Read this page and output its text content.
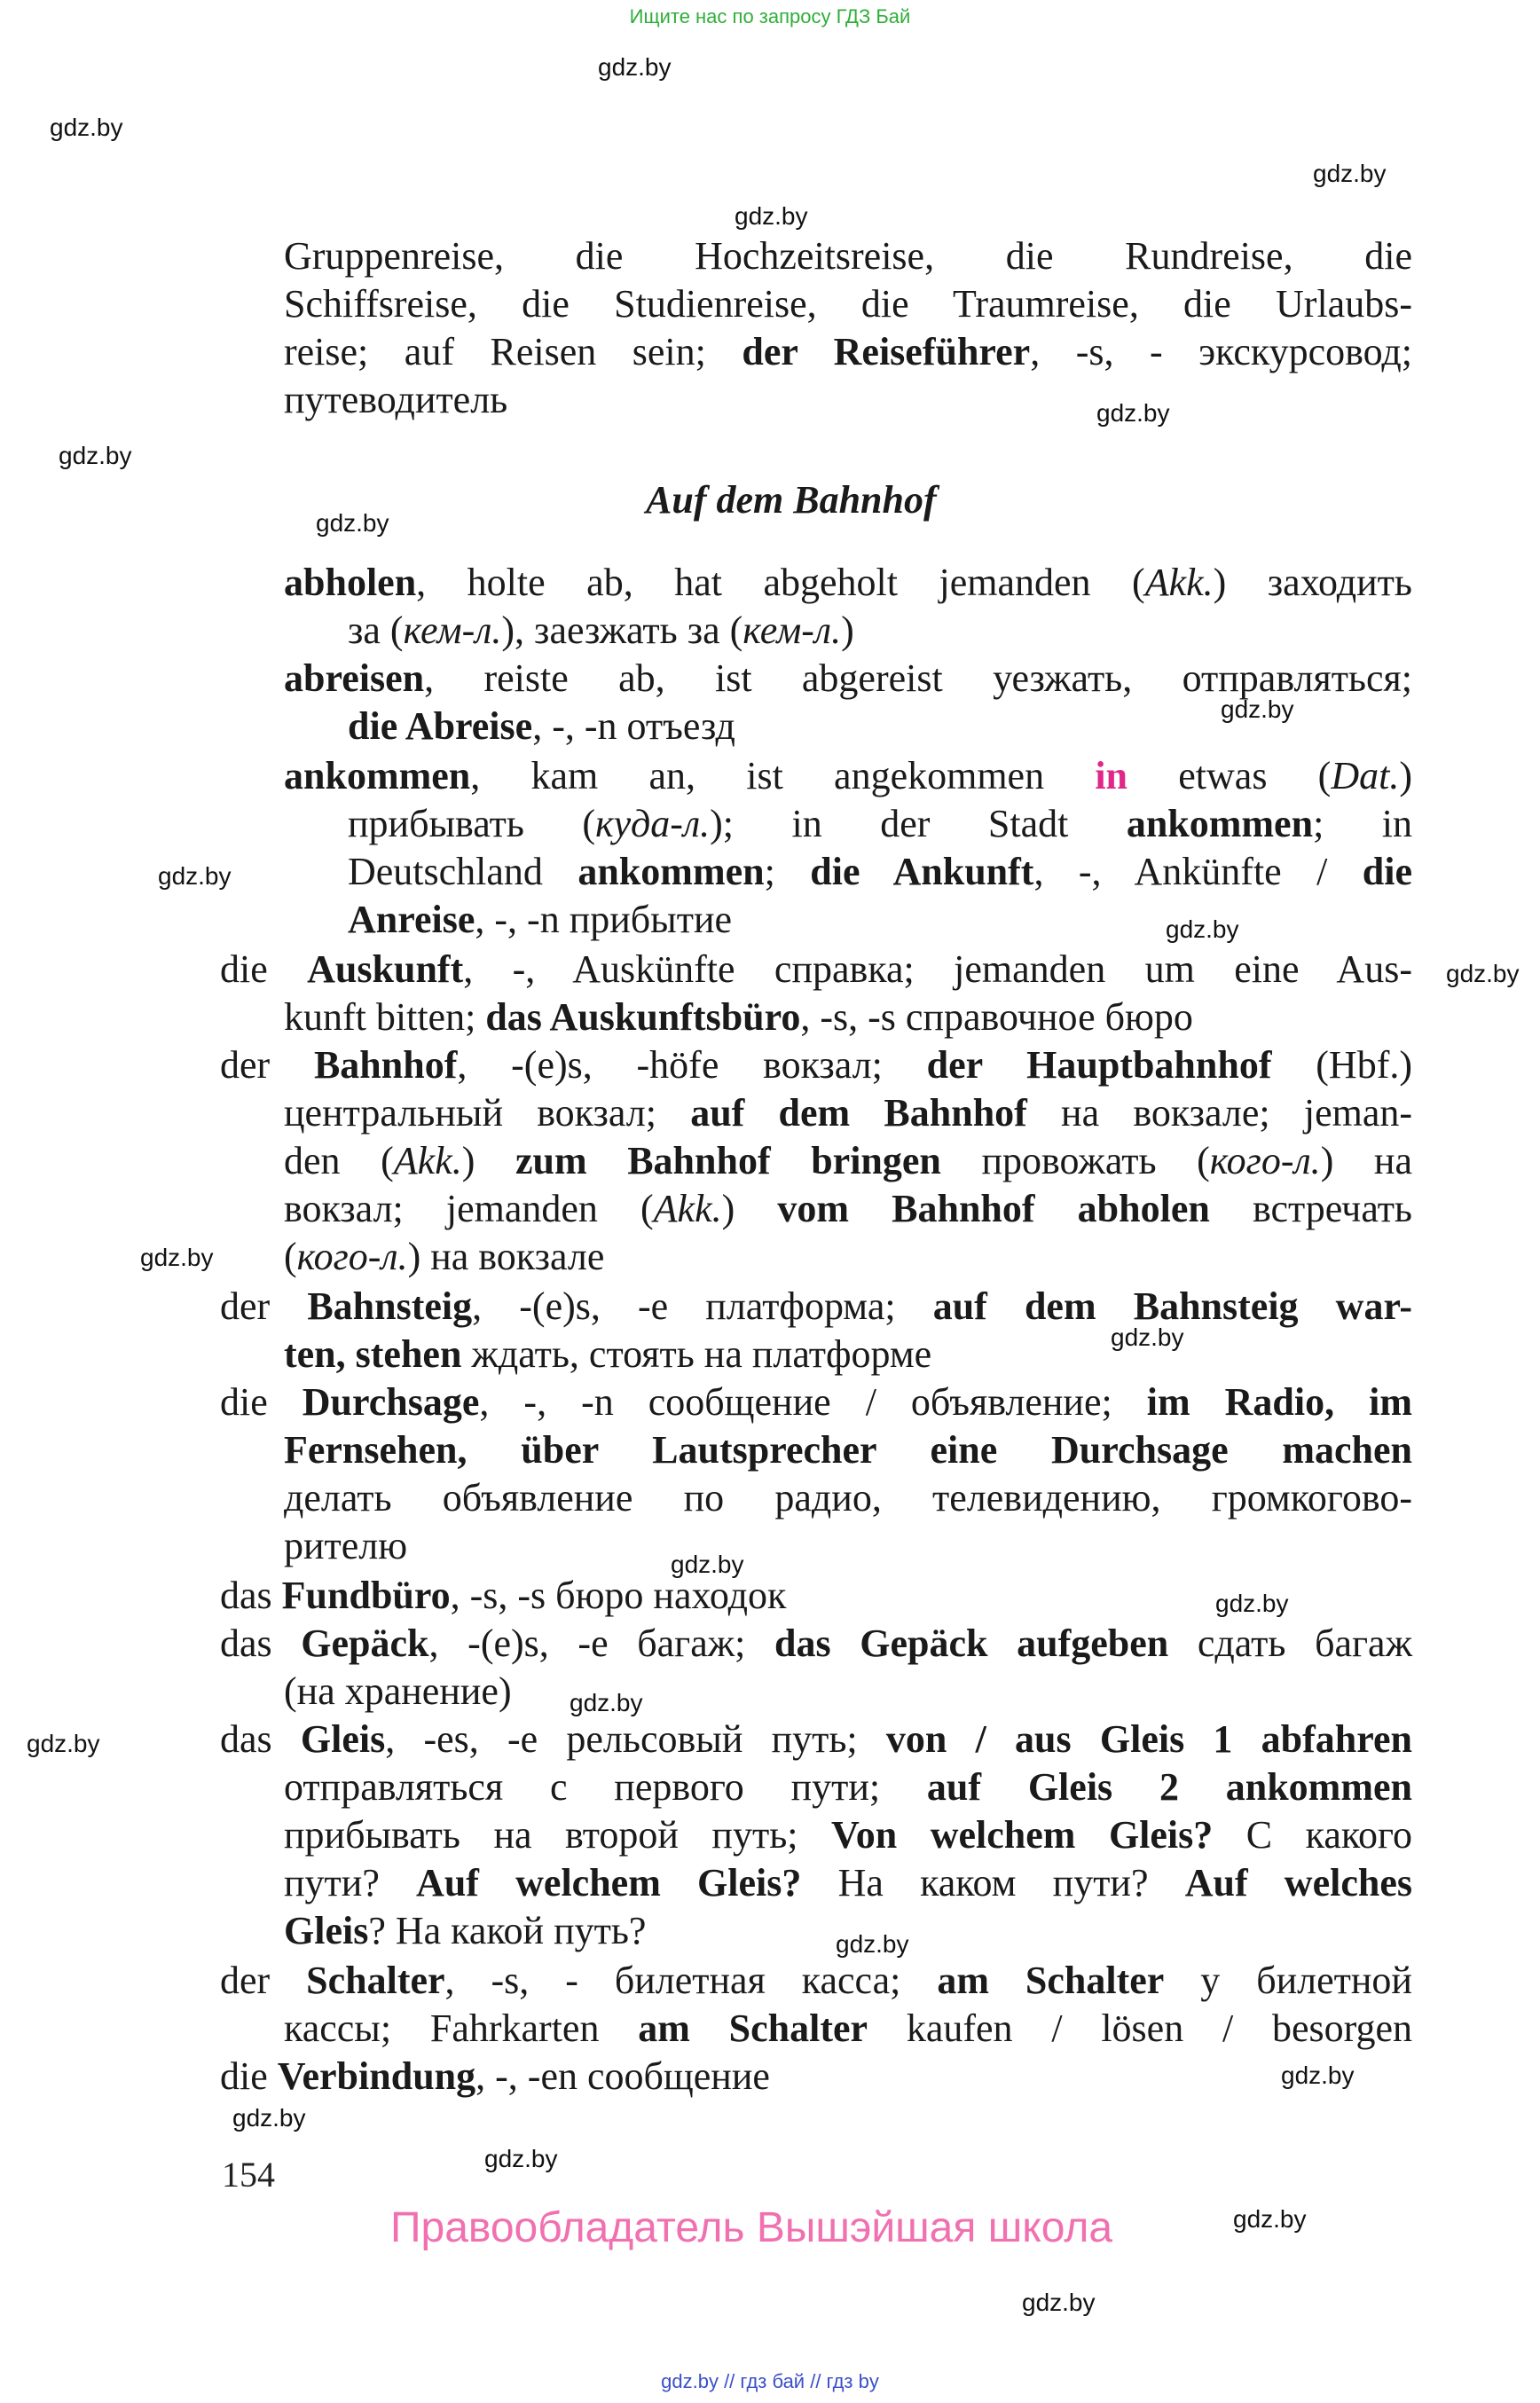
Ищите нас по запросу ГДЗ Бай
gdz.by
gdz.by
gdz.by
gdz.by
gdz.by
gdz.by
gdz.by
gdz.by
gdz.by
gdz.by
gdz.by
gdz.by
gdz.by
gdz.by
gdz.by
gdz.by
gdz.by
gdz.by
gdz.by
gdz.by
gdz.by
gdz.by
gdz.by
Auf dem Bahnhof
Gruppenreise, die Hochzeitsreise, die Rundreise, die
Schiffsreise, die Studienreise, die Traumreise, die Urlaubs-
reise; auf Reisen sein; der Reiseführer, -s, - экскурсовод;
путеводитель
abholen, holte ab, hat abgeholt jemanden (Akk.) заходить
за (кем-л.), заезжать за (кем-л.)
abreisen, reiste ab, ist abgereist уезжать, отправляться;
die Abreise, -, -n отъезд
ankommen, kam an, ist angekommen in etwas (Dat.)
прибывать (куда-л.); in der Stadt ankommen; in
Deutschland ankommen; die Ankunft, -, Ankünfte / die
Anreise, -, -n прибытие
die Auskunft, -, Auskünfte справка; jemanden um eine Aus-
kunft bitten; das Auskunftsbüro, -s, -s справочное бюро
der Bahnhof, -(e)s, -höfe вокзал; der Hauptbahnhof (Hbf.)
центральный вокзал; auf dem Bahnhof на вокзале; jeman-
den (Akk.) zum Bahnhof bringen провожать (кого-л.) на
вокзал; jemanden (Akk.) vom Bahnhof abholen встречать
(кого-л.) на вокзале
der Bahnsteig, -(e)s, -e платформа; auf dem Bahnsteig war-
ten, stehen ждать, стоять на платформе
die Durchsage, -, -n сообщение / объявление; im Radio, im
Fernsehen, über Lautsprecher eine Durchsage machen
делать объявление по радио, телевидению, громкогово-
рителю
das Fundbüro, -s, -s бюро находок
das Gepäck, -(e)s, -e багаж; das Gepäck aufgeben сдать багаж
(на хранение)
das Gleis, -es, -e рельсовый путь; von / aus Gleis 1 abfahren
отправляться с первого пути; auf Gleis 2 ankommen
прибывать на второй путь; Von welchem Gleis? С какого
пути? Auf welchem Gleis? На каком пути? Auf welches
Gleis? На какой путь?
der Schalter, -s, - билетная касса; am Schalter у билетной
кассы; Fahrkarten am Schalter kaufen / lösen / besorgen
die Verbindung, -, -en сообщение
154
Правообладатель Вышэйшая школа
gdz.by // гдз бай // гдз by
